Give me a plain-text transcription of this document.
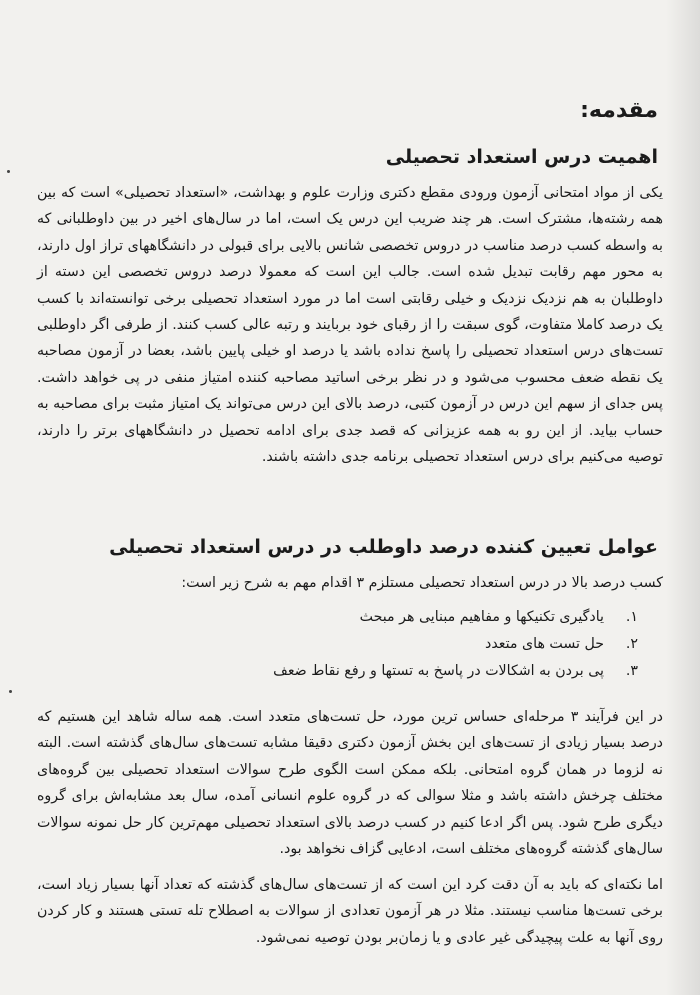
مقدمه:
اهمیت درس استعداد تحصیلی

یکی از مواد امتحانی آزمون ورودی مقطع دکتری وزارت علوم و بهداشت، «استعداد تحصیلی» است که بین همه رشته‌ها، مشترک است. هر چند ضریب این درس یک است، اما در سال‌های اخیر در بین داوطلبانی که به واسطه کسب درصد مناسب در دروس تخصصی شانس بالایی برای قبولی در دانشگاههای تراز اول دارند، به محور مهم رقابت تبدیل شده است. جالب این است که معمولا درصد دروس تخصصی این دسته از داوطلبان به هم نزدیک نزدیک و خیلی رقابتی است اما در مورد استعداد تحصیلی برخی توانسته‌اند با کسب یک درصد کاملا متفاوت، گوی سبقت را از رقبای خود بربایند و رتبه عالی کسب کنند. از طرفی اگر داوطلبی تست‌های درس استعداد تحصیلی را پاسخ نداده باشد یا درصد او خیلی پایین باشد، بعضا در آزمون مصاحبه یک نقطه ضعف محسوب می‌شود و در نظر برخی اساتید مصاحبه کننده امتیاز منفی در پی خواهد داشت. پس جدای از سهم این درس در آزمون کتبی، درصد بالای این درس می‌تواند یک امتیاز مثبت برای مصاحبه به حساب بیاید. از این رو به همه عزیزانی که قصد جدی برای ادامه تحصیل در دانشگاههای برتر را دارند، توصیه می‌کنیم برای درس استعداد تحصیلی برنامه جدی داشته باشند.

عوامل تعیین کننده درصد داوطلب در درس استعداد تحصیلی

کسب درصد بالا در درس استعداد تحصیلی مستلزم ۳ اقدام مهم به شرح زیر است:

۱.
یادگیری تکنیکها و مفاهیم مبنایی هر مبحث
۲.
حل تست های متعدد
۳.
پی بردن به اشکالات در پاسخ به تستها و رفع نقاط ضعف

در این فرآیند ۳ مرحله‌ای حساس ترین مورد، حل تست‌های متعدد است. همه ساله شاهد این هستیم که درصد بسیار زیادی از تست‌های این بخش آزمون دکتری دقیقا مشابه تست‌های سال‌های گذشته است. البته نه لزوما در همان گروه امتحانی. بلکه ممکن است الگوی طرح سوالات استعداد تحصیلی بین گروه‌های مختلف چرخش داشته باشد و مثلا سوالی که در گروه علوم انسانی آمده، سال بعد مشابه‌اش برای گروه دیگری طرح شود. پس اگر ادعا کنیم در کسب درصد بالای استعداد تحصیلی مهم‌ترین کار حل نمونه سوالات سال‌های گذشته گروه‌های مختلف است، ادعایی گزاف نخواهد بود.

اما نکته‌ای که باید به آن دقت کرد این است که از تست‌های سال‌های گذشته که تعداد آنها بسیار زیاد است، برخی تست‌ها مناسب نیستند. مثلا در هر آزمون تعدادی از سوالات به اصطلاح تله تستی هستند و کار کردن روی آنها به علت پیچیدگی غیر عادی و یا زمان‌بر بودن توصیه نمی‌شود.
